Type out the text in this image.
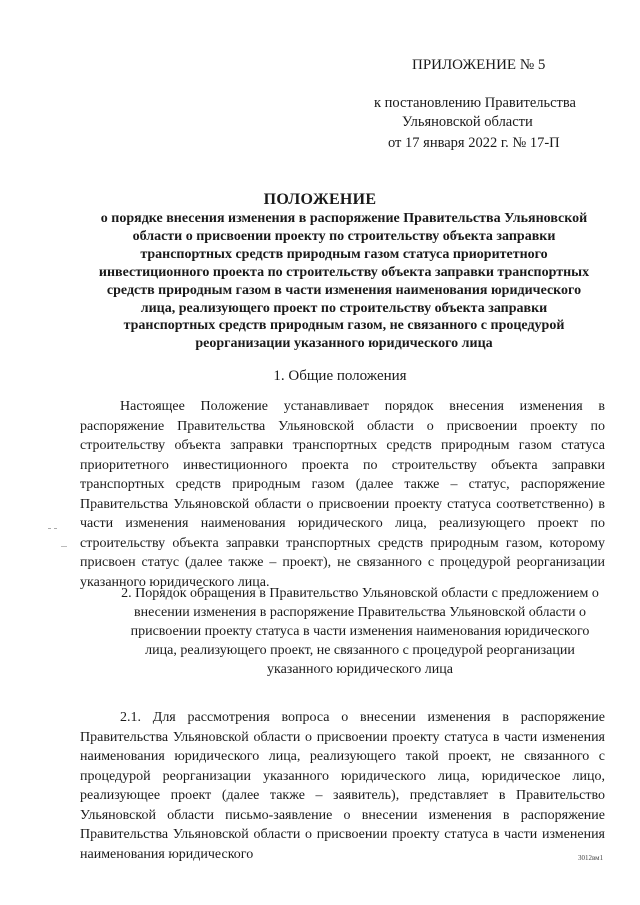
ПРИЛОЖЕНИЕ № 5
к постановлению Правительства
Ульяновской области
от 17 января 2022 г. № 17-П
ПОЛОЖЕНИЕ
о порядке внесения изменения в распоряжение Правительства Ульяновской области о присвоении проекту по строительству объекта заправки транспортных средств природным газом статуса приоритетного инвестиционного проекта по строительству объекта заправки транспортных средств природным газом в части изменения наименования юридического лица, реализующего проект по строительству объекта заправки транспортных средств природным газом, не связанного с процедурой реорганизации указанного юридического лица
1. Общие положения
Настоящее Положение устанавливает порядок внесения изменения в распоряжение Правительства Ульяновской области о присвоении проекту по строительству объекта заправки транспортных средств природным газом статуса приоритетного инвестиционного проекта по строительству объекта заправки транспортных средств природным газом (далее также – статус, распоряжение Правительства Ульяновской области о присвоении проекту статуса соответственно) в части изменения наименования юридического лица, реализующего проект по строительству объекта заправки транспортных средств природным газом, которому присвоен статус (далее также – проект), не связанного с процедурой реорганизации указанного юридического лица.
2. Порядок обращения в Правительство Ульяновской области с предложением о внесении изменения в распоряжение Правительства Ульяновской области о присвоении проекту статуса в части изменения наименования юридического лица, реализующего проект, не связанного с процедурой реорганизации указанного юридического лица
2.1. Для рассмотрения вопроса о внесении изменения в распоряжение Правительства Ульяновской области о присвоении проекту статуса в части изменения наименования юридического лица, реализующего такой проект, не связанного с процедурой реорганизации указанного юридического лица, юридическое лицо, реализующее проект (далее также – заявитель), представляет в Правительство Ульяновской области письмо-заявление о внесении изменения в распоряжение Правительства Ульяновской области о присвоении проекту статуса в части изменения наименования юридического	3012вм1
